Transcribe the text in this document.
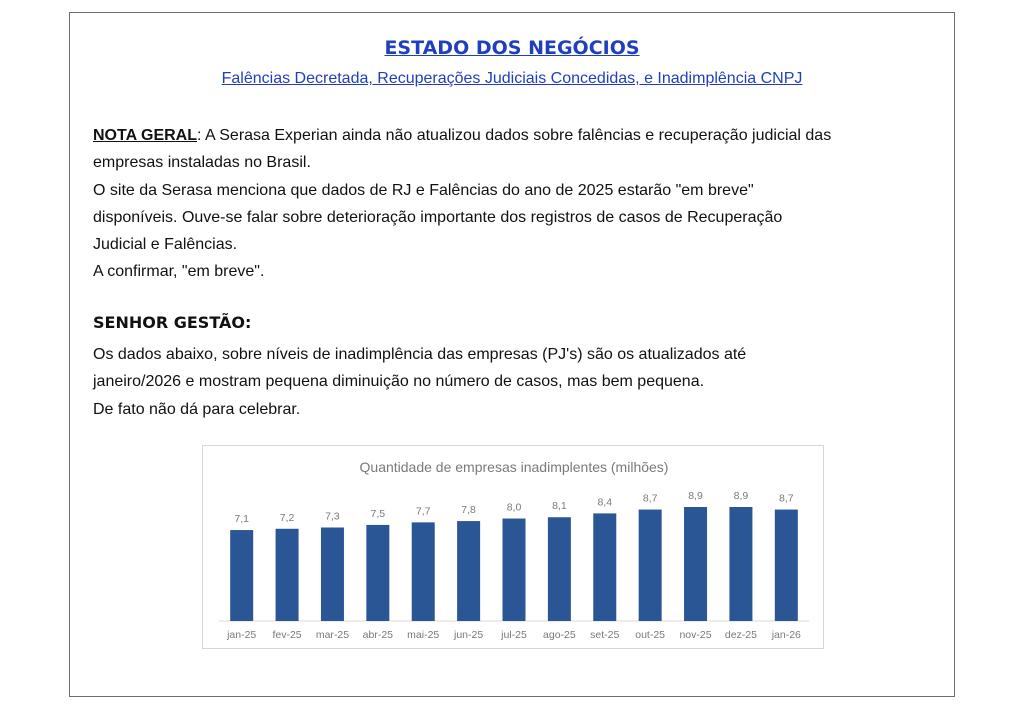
ESTADO DOS NEGÓCIOS
Falências Decretada, Recuperações Judiciais Concedidas, e Inadimplência CNPJ

NOTA GERAL: A Serasa Experian ainda não atualizou dados sobre falências e recuperação judicial das
empresas instaladas no Brasil.
O site da Serasa menciona que dados de RJ e Falências do ano de 2025 estarão "em breve"
disponíveis. Ouve-se falar sobre deterioração importante dos registros de casos de Recuperação
Judicial e Falências.
A confirmar, "em breve".

SENHOR GESTÃO:

Os dados abaixo, sobre níveis de inadimplência das empresas (PJ's) são os atualizados até
janeiro/2026 e mostram pequena diminuição no número de casos, mas bem pequena.
De fato não dá para celebrar.

Quantidade de empresas inadimplentes (milhões)
7,1
jan-25
7,2
fev-25
7,3
mar-25
7,5
abr-25
7,7
mai-25
7,8
jun-25
8,0
jul-25
8,1
ago-25
8,4
set-25
8,7
out-25
8,9
nov-25
8,9
dez-25
8,7
jan-26
